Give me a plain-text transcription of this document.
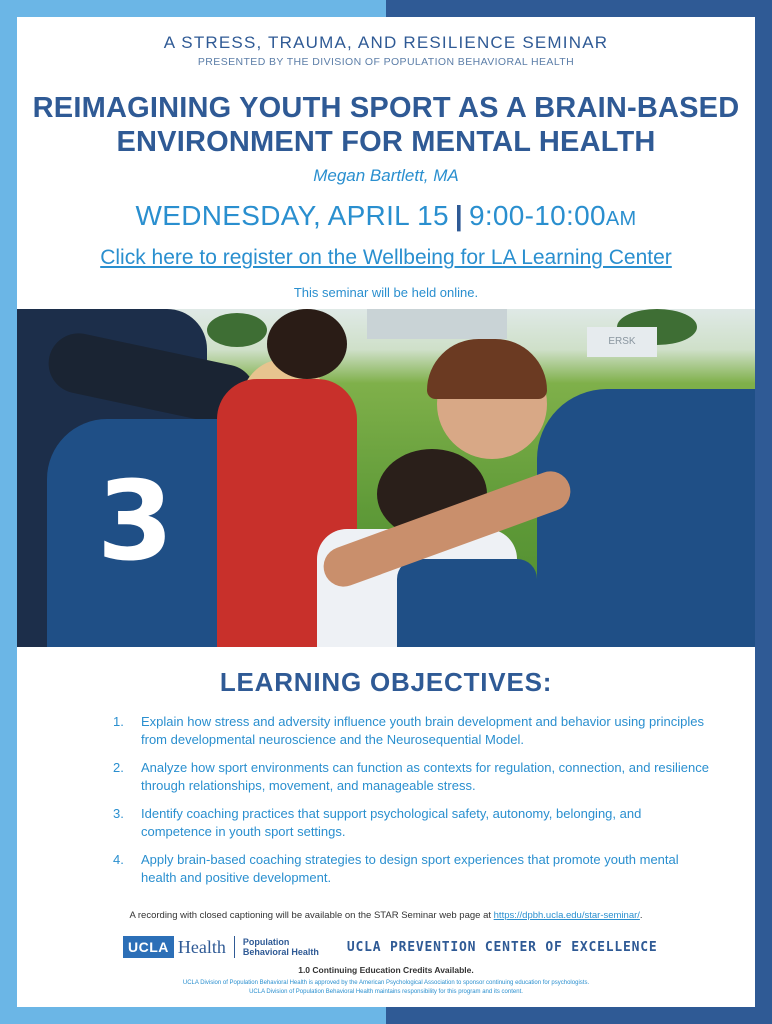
A STRESS, TRAUMA, AND RESILIENCE SEMINAR
PRESENTED BY THE DIVISION OF POPULATION BEHAVIORAL HEALTH
REIMAGINING YOUTH SPORT AS A BRAIN-BASED
ENVIRONMENT FOR MENTAL HEALTH
Megan Bartlett, MA
WEDNESDAY, APRIL 15 | 9:00-10:00AM
Click here to register on the Wellbeing for LA Learning Center
This seminar will be held online.
ERSK
3
LEARNING OBJECTIVES:
1. Explain how stress and adversity influence youth brain development and behavior using principles from developmental neuroscience and the Neurosequential Model.
2. Analyze how sport environments can function as contexts for regulation, connection, and resilience through relationships, movement, and manageable stress.
3. Identify coaching practices that support psychological safety, autonomy, belonging, and competence in youth sport settings.
4. Apply brain-based coaching strategies to design sport experiences that promote youth mental health and positive development.
A recording with closed captioning will be available on the STAR Seminar web page at https://dpbh.ucla.edu/star-seminar/.
UCLA Health Population
Behavioral Health UCLA PREVENTION CENTER OF EXCELLENCE
1.0 Continuing Education Credits Available.
UCLA Division of Population Behavioral Health is approved by the American Psychological Association to sponsor continuing education for psychologists.
UCLA Division of Population Behavioral Health maintains responsibility for this program and its content.
